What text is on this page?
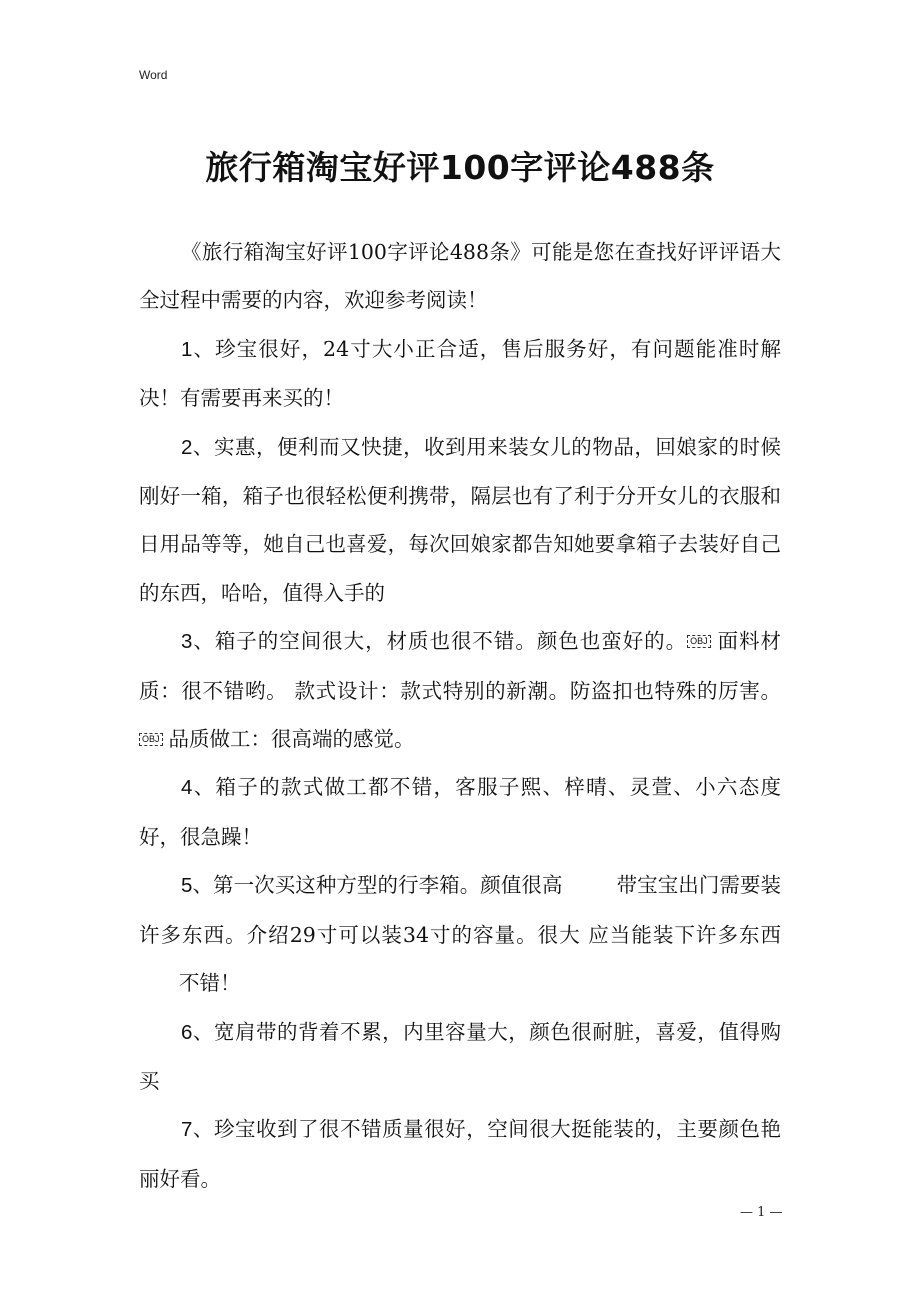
Word
旅行箱淘宝好评100字评论488条

《旅行箱淘宝好评100字评论488条》可能是您在查找好评评语大全过程中需要的内容，欢迎参考阅读！

1、珍宝很好，24寸大小正合适，售后服务好，有问题能准时解决！有需要再来买的！

2、实惠，便利而又快捷，收到用来装女儿的物品，回娘家的时候刚好一箱，箱子也很轻松便利携带，隔层也有了利于分开女儿的衣服和日用品等等，她自己也喜爱，每次回娘家都告知她要拿箱子去装好自己的东西，哈哈，值得入手的

3、箱子的空间很大，材质也很不错。颜色也蛮好的。 OBJ 面料材质：很不错哟。 款式设计：款式特别的新潮。防盗扣也特殊的厉害。OBJ 品质做工：很高端的感觉。

4、箱子的款式做工都不错，客服子熙、梓晴、灵萱、小六态度好，很急躁！

5、第一次买这种方型的行李箱。颜值很高	带宝宝出门需要装许多东西。介绍29寸可以装34寸的容量。很大 应当能装下许多东西不错！

6、宽肩带的背着不累，内里容量大，颜色很耐脏，喜爱，值得购买

7、珍宝收到了很不错质量很好，空间很大挺能装的，主要颜色艳丽好看。

— 1 —
